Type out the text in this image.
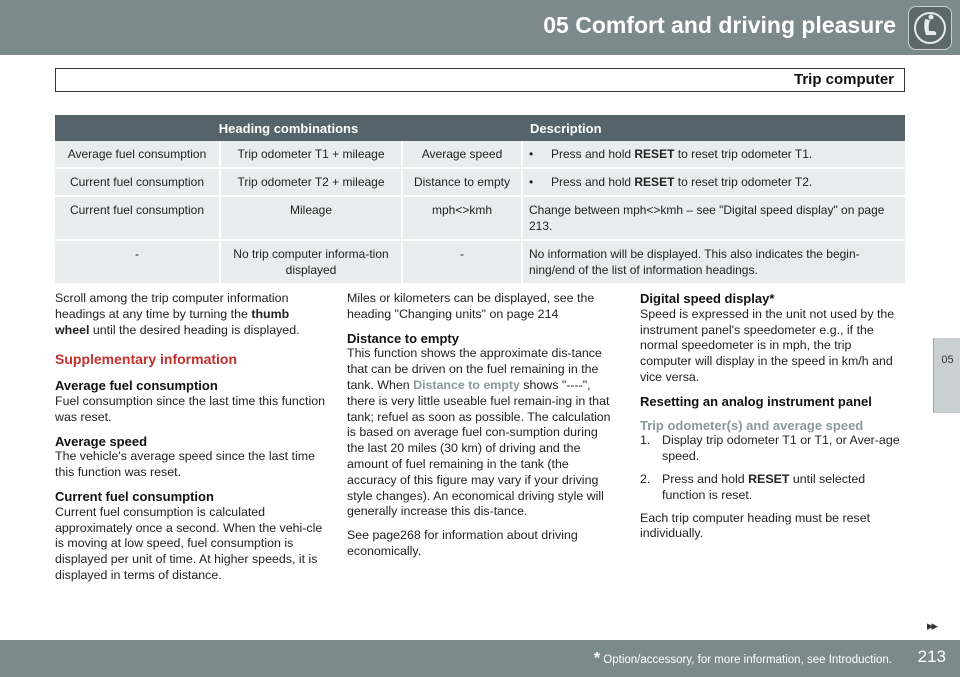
05 Comfort and driving pleasure
Trip computer
05
Heading combinations			Description
Average fuel consumption	Trip odometer T1 + mileage	Average speed	• Press and hold RESET to reset trip odometer T1.
Current fuel consumption	Trip odometer T2 + mileage	Distance to empty	• Press and hold RESET to reset trip odometer T2.
Current fuel consumption	Mileage	mph<>kmh	Change between mph<>kmh – see "Digital speed display" on page 213.
-	No trip computer informa-tion displayed	-	No information will be displayed. This also indicates the begin-ning/end of the list of information headings.

Scroll among the trip computer information headings at any time by turning the thumb wheel until the desired heading is displayed.

Supplementary information
Average fuel consumption

Fuel consumption since the last time this function was reset.

Average speed

The vehicle's average speed since the last time this function was reset.

Current fuel consumption

Current fuel consumption is calculated approximately once a second. When the vehi-cle is moving at low speed, fuel consumption is displayed per unit of time. At higher speeds, it is displayed in terms of distance.

Miles or kilometers can be displayed, see the heading "Changing units" on page 214

Distance to empty

This function shows the approximate dis-tance that can be driven on the fuel remaining in the tank. When Distance to empty shows "----", there is very little useable fuel remain-ing in that tank; refuel as soon as possible. The calculation is based on average fuel con-sumption during the last 20 miles (30 km) of driving and the amount of fuel remaining in the tank (the accuracy of this figure may vary if your driving style changes). An economical driving style will generally increase this dis-tance.

See page268 for information about driving economically.

Digital speed display*

Speed is expressed in the unit not used by the instrument panel's speedometer e.g., if the normal speedometer is in mph, the trip computer will display in the speed in km/h and vice versa.

Resetting an analog instrument panel
Trip odometer(s) and average speed
1. Display trip odometer T1 or T1, or Aver-age speed.
2. Press and hold RESET until selected function is reset.

Each trip computer heading must be reset individually.

▸▸
* Option/accessory, for more information, see Introduction. 213
